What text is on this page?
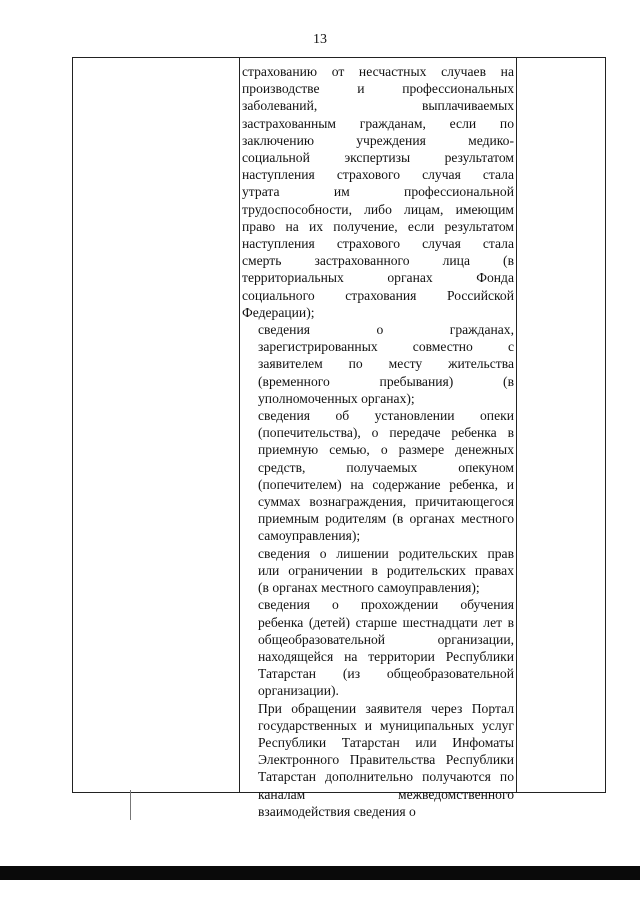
13

страхованию от несчастных случаев на
производстве и профессиональных
заболеваний, выплачиваемых
застрахованным гражданам, если по
заключению учреждения медико-
социальной экспертизы результатом
наступления страхового случая стала
утрата им профессиональной
трудоспособности, либо лицам, имеющим
право на их получение, если результатом
наступления страхового случая стала
смерть застрахованного лица (в
территориальных органах Фонда
социального страхования Российской
Федерации);

сведения о гражданах,
зарегистрированных совместно с
заявителем по месту жительства
(временного пребывания) (в
уполномоченных органах);

сведения об установлении опеки
(попечительства), о передаче ребенка в
приемную семью, о размере денежных
средств, получаемых опекуном
(попечителем) на содержание ребенка, и
суммах вознаграждения, причитающегося
приемным родителям (в органах местного
самоуправления);

сведения о лишении родительских прав
или ограничении в родительских правах
(в органах местного самоуправления);

сведения о прохождении обучения
ребенка (детей) старше шестнадцати лет в
общеобразовательной организации,
находящейся на территории Республики
Татарстан (из общеобразовательной
организации).

При обращении заявителя через Портал
государственных и муниципальных услуг
Республики Татарстан или Инфоматы
Электронного Правительства Республики
Татарстан дополнительно получаются по
каналам межведомственного
взаимодействия сведения о
